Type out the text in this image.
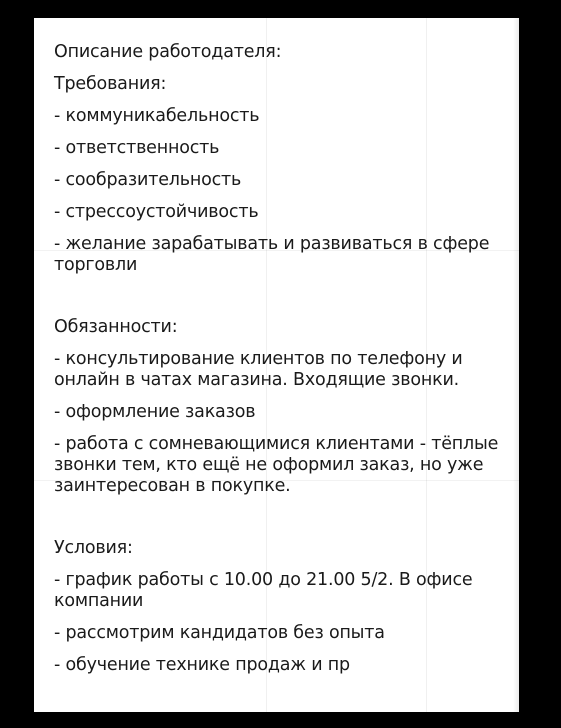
Описание работодателя:

Требования:

- коммуникабельность

- ответственность

- сообразительность

- стрессоустойчивость

- желание зарабатывать и развиваться в сфере торговли

Обязанности:

- консультирование клиентов по телефону и онлайн в чатах магазина. Входящие звонки.

- оформление заказов

- работа с сомневающимися клиентами - тёплые звонки тем, кто ещё не оформил заказ, но уже заинтересован в покупке.

Условия:

- график работы с 10.00 до 21.00 5/2. В офисе компании

- рассмотрим кандидатов без опыта

- обучение технике продаж и пр
